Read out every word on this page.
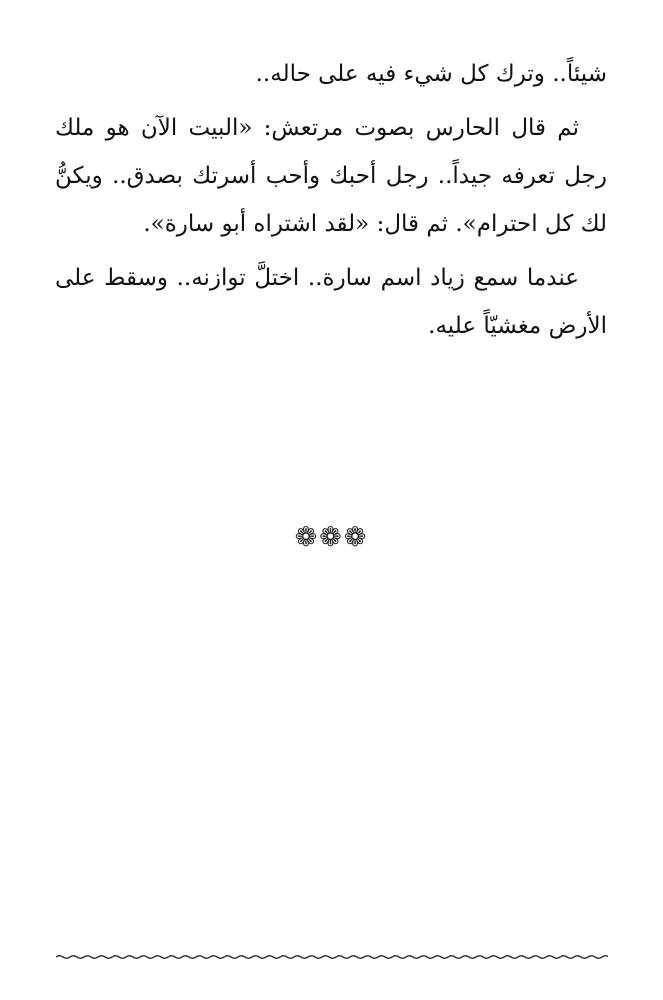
شيئاً.. وترك كل شيء فيه على حاله..

ثم قال الحارس بصوت مرتعش: «البيت الآن هو ملك رجل تعرفه جيداً.. رجل أحبك وأحب أسرتك بصدق.. ويكنُّ لك كل احترام». ثم قال: «لقد اشتراه أبو سارة».

عندما سمع زياد اسم سارة.. اختلَّ توازنه.. وسقط على الأرض مغشيّاً عليه.

❁❁❁
